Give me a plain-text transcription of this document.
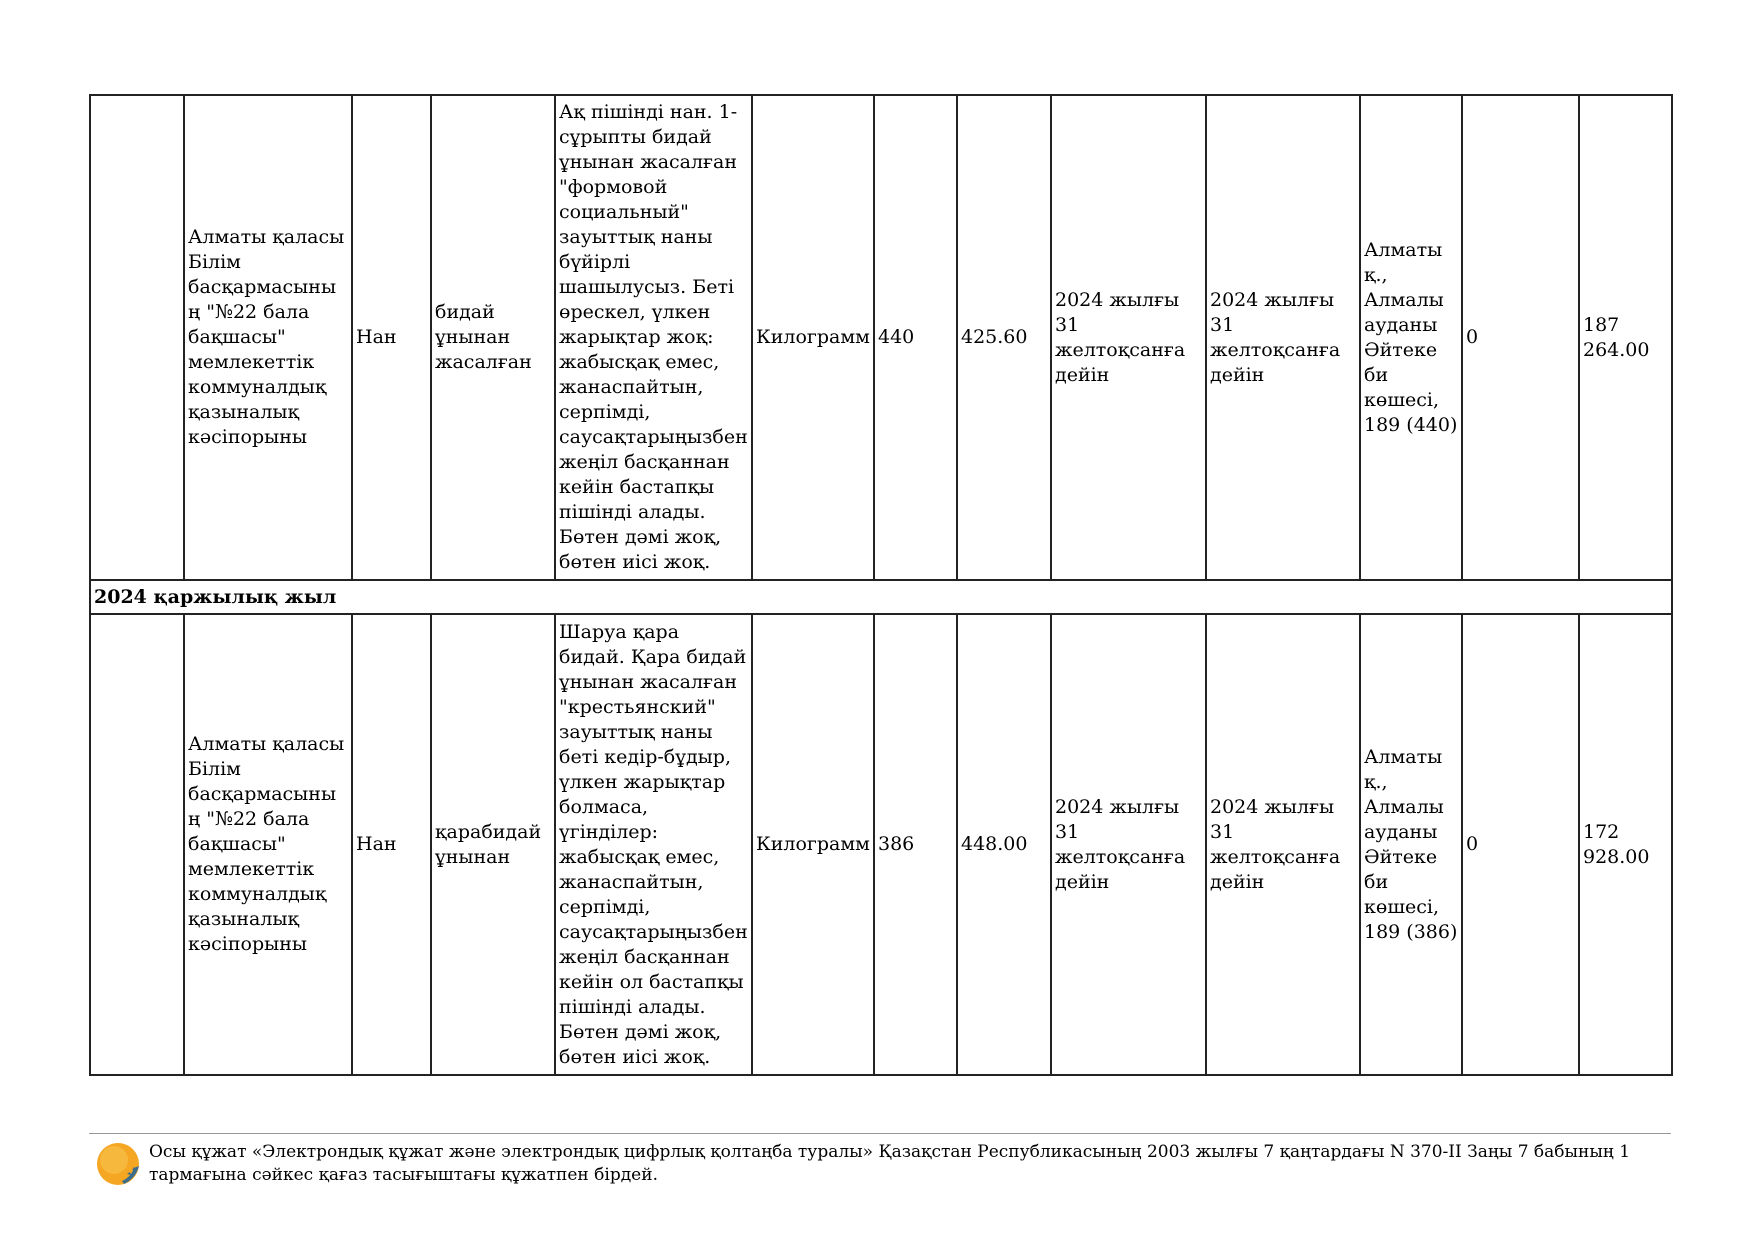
	Алматы қаласы Білім басқармасының "№22 бала бақшасы" мемлекеттік коммуналдық қазыналық кәсіпорыны	Нан	бидай ұнынан жасалған	Ақ пішінді нан. 1-сұрыпты бидай ұнынан жасалған "формовой социальный" зауыттық наны бүйірлі шашылусыз. Беті өрескел, үлкен жарықтар жоқ: жабысқақ емес, жанаспайтын, серпімді, саусақтарыңызбен жеңіл басқаннан кейін бастапқы пішінді алады. Бөтен дәмі жоқ, бөтен иісі жоқ.	Килограмм	440	425.60	2024 жылғы 31 желтоқсанға дейін	2024 жылғы 31 желтоқсанға дейін	Алматы қ., Алмалы ауданы Әйтеке би көшесі, 189 (440)	0	187 264.00
2024 қаржылық жыл												
	Алматы қаласы Білім басқармасының "№22 бала бақшасы" мемлекеттік коммуналдық қазыналық кәсіпорыны	Нан	қарабидай ұнынан	Шаруа қара бидай. Қара бидай ұнынан жасалған "крестьянский" зауыттық наны беті кедір-бұдыр, үлкен жарықтар болмаса, үгінділер: жабысқақ емес, жанаспайтын, серпімді, саусақтарыңызбен жеңіл басқаннан кейін ол бастапқы пішінді алады. Бөтен дәмі жоқ, бөтен иісі жоқ.	Килограмм	386	448.00	2024 жылғы 31 желтоқсанға дейін	2024 жылғы 31 желтоқсанға дейін	Алматы қ., Алмалы ауданы Әйтеке би көшесі, 189 (386)	0	172 928.00
Осы құжат «Электрондық құжат және электрондық цифрлық қолтаңба туралы» Қазақстан Республикасының 2003 жылғы 7 қаңтардағы N 370-II Заңы 7 бабының 1 тармағына сәйкес қағаз тасығыштағы құжатпен бірдей.
